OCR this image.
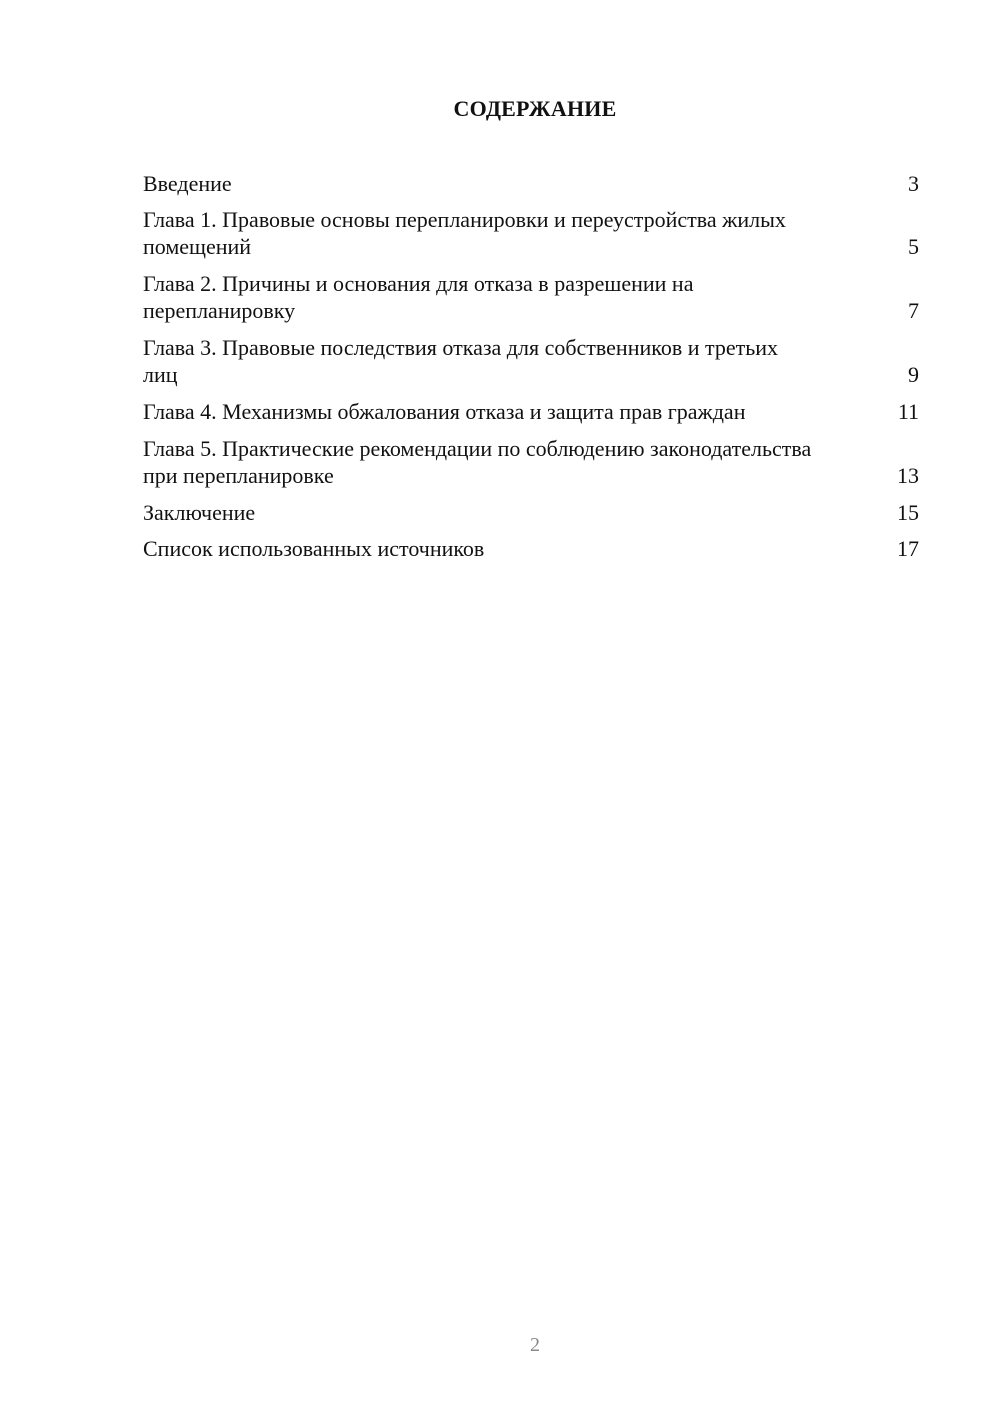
СОДЕРЖАНИЕ
Введение	3
Глава 1. Правовые основы перепланировки и переустройства жилых помещений	5
Глава 2. Причины и основания для отказа в разрешении на перепланировку	7
Глава 3. Правовые последствия отказа для собственников и третьих лиц	9
Глава 4. Механизмы обжалования отказа и защита прав граждан	11
Глава 5. Практические рекомендации по соблюдению законодательства при перепланировке	13
Заключение	15
Список использованных источников	17
2
